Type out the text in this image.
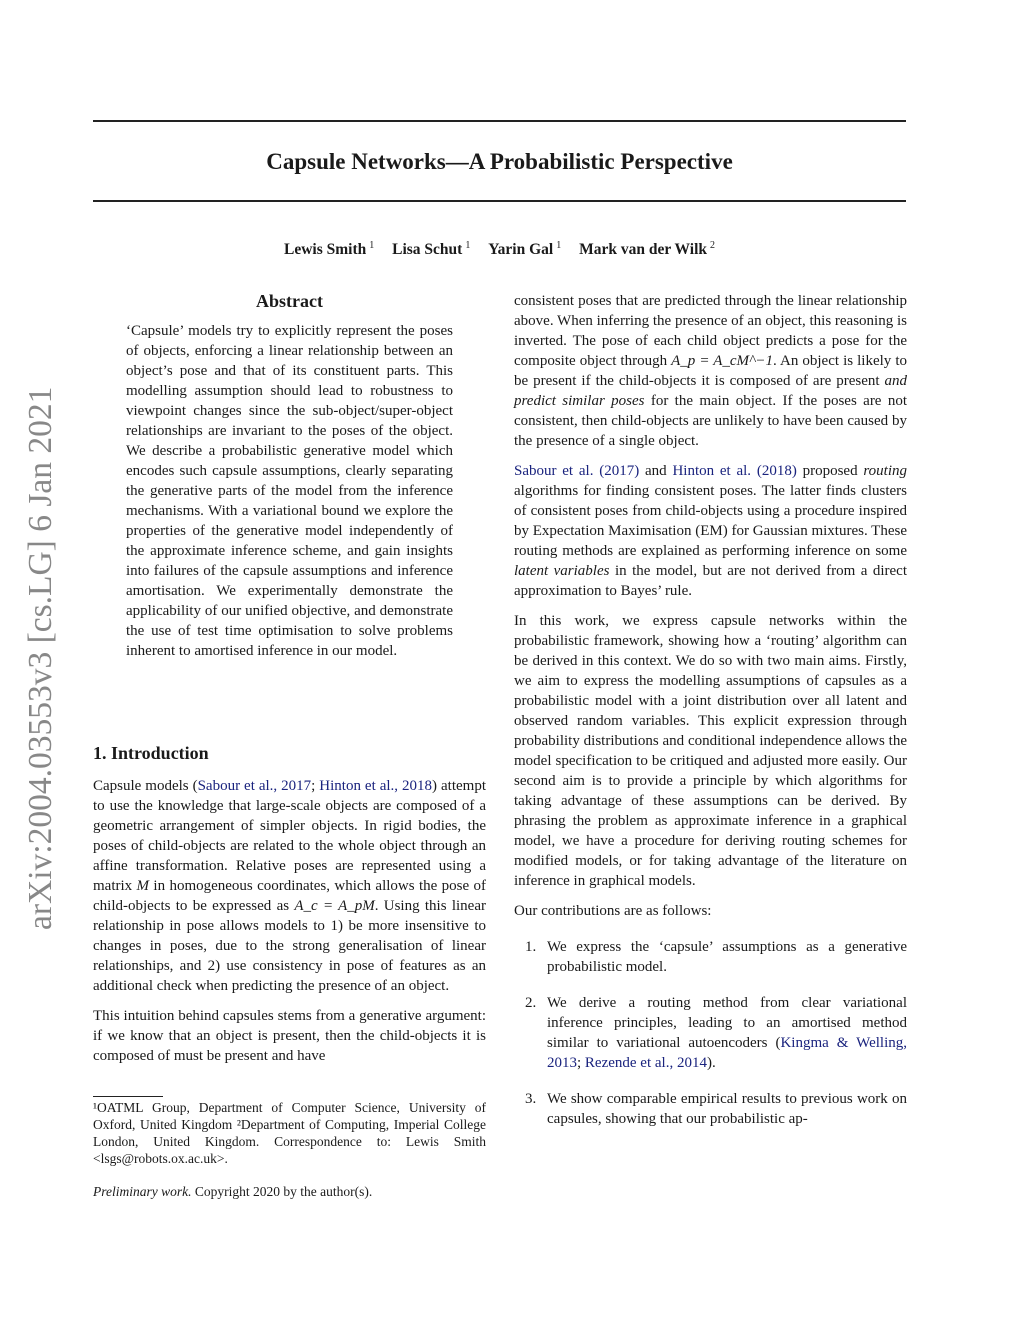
Capsule Networks—A Probabilistic Perspective
Lewis Smith $^1$ Lisa Schut $^1$ Yarin Gal $^1$ Mark van der Wilk $^2$
arXiv:2004.03553v3 [cs.LG] 6 Jan 2021
Abstract

‘Capsule’ models try to explicitly represent the poses of objects, enforcing a linear relationship between an object’s pose and that of its constituent parts. This modelling assumption should lead to robustness to viewpoint changes since the sub-object/super-object relationships are invariant to the poses of the object. We describe a probabilistic generative model which encodes such capsule assumptions, clearly separating the generative parts of the model from the inference mechanisms. With a variational bound we explore the properties of the generative model independently of the approximate inference scheme, and gain insights into failures of the capsule assumptions and inference amortisation. We experimentally demonstrate the applicability of our unified objective, and demonstrate the use of test time optimisation to solve problems inherent to amortised inference in our model.

1. Introduction

Capsule models (Sabour et al., 2017; Hinton et al., 2018) attempt to use the knowledge that large-scale objects are composed of a geometric arrangement of simpler objects. In rigid bodies, the poses of child-objects are related to the whole object through an affine transformation. Relative poses are represented using a matrix M in homogeneous coordinates, which allows the pose of child-objects to be expressed as A_c = A_pM. Using this linear relationship in pose allows models to 1) be more insensitive to changes in poses, due to the strong generalisation of linear relationships, and 2) use consistency in pose of features as an additional check when predicting the presence of an object.

This intuition behind capsules stems from a generative argument: if we know that an object is present, then the child-objects it is composed of must be present and have

¹OATML Group, Department of Computer Science, University of Oxford, United Kingdom ²Department of Computing, Imperial College London, United Kingdom. Correspondence to: Lewis Smith <lsgs@robots.ox.ac.uk>.
Preliminary work. Copyright 2020 by the author(s).

consistent poses that are predicted through the linear relationship above. When inferring the presence of an object, this reasoning is inverted. The pose of each child object predicts a pose for the composite object through A_p = A_cM^−1. An object is likely to be present if the child-objects it is composed of are present and predict similar poses for the main object. If the poses are not consistent, then child-objects are unlikely to have been caused by the presence of a single object.

Sabour et al. (2017) and Hinton et al. (2018) proposed routing algorithms for finding consistent poses. The latter finds clusters of consistent poses from child-objects using a procedure inspired by Expectation Maximisation (EM) for Gaussian mixtures. These routing methods are explained as performing inference on some latent variables in the model, but are not derived from a direct approximation to Bayes’ rule.

In this work, we express capsule networks within the probabilistic framework, showing how a ‘routing’ algorithm can be derived in this context. We do so with two main aims. Firstly, we aim to express the modelling assumptions of capsules as a probabilistic model with a joint distribution over all latent and observed random variables. This explicit expression through probability distributions and conditional independence allows the model specification to be critiqued and adjusted more easily. Our second aim is to provide a principle by which algorithms for taking advantage of these assumptions can be derived. By phrasing the problem as approximate inference in a graphical model, we have a procedure for deriving routing schemes for modified models, or for taking advantage of the literature on inference in graphical models.

Our contributions are as follows:

1. We express the ‘capsule’ assumptions as a generative probabilistic model.
2. We derive a routing method from clear variational inference principles, leading to an amortised method similar to variational autoencoders (Kingma & Welling, 2013; Rezende et al., 2014).
3. We show comparable empirical results to previous work on capsules, showing that our probabilistic ap-
